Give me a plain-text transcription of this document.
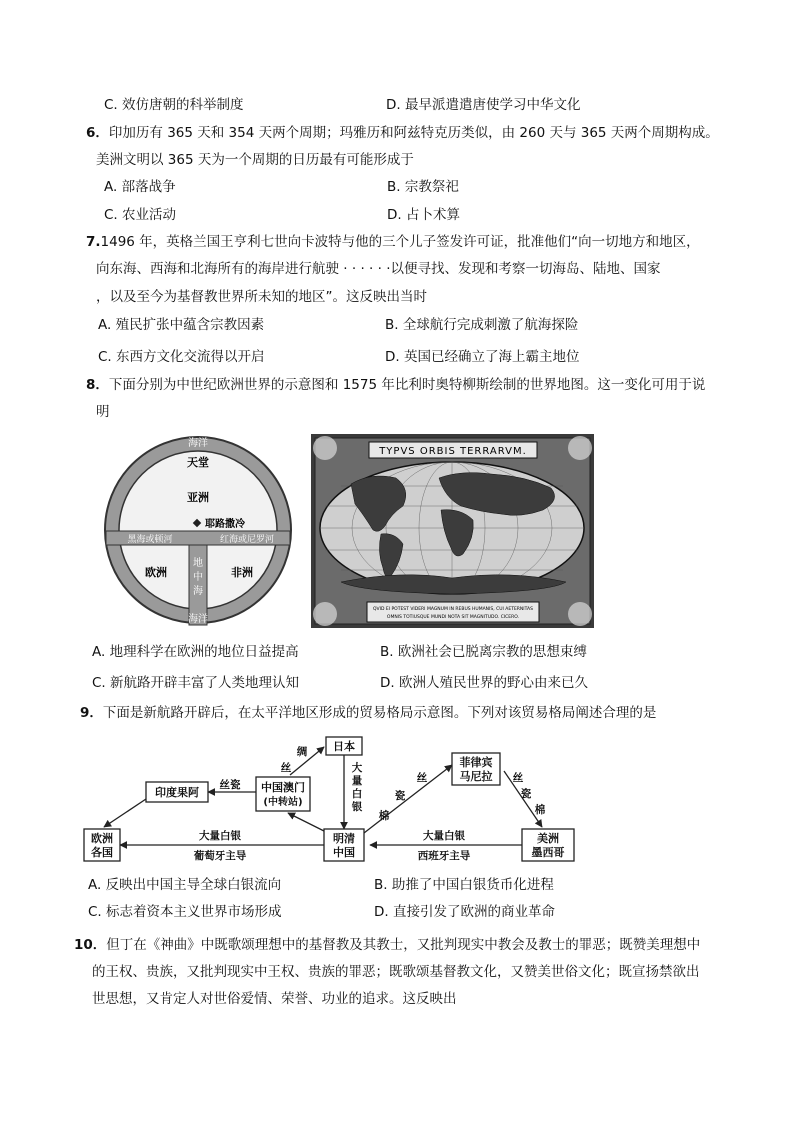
C. 效仿唐朝的科举制度	D. 最早派遣遣唐使学习中华文化
6．印加历有 365 天和 354 天两个周期；玛雅历和阿兹特克历类似，由 260 天与 365 天两个周期构成。
美洲文明以 365 天为一个周期的日历最有可能形成于
A. 部落战争	B. 宗教祭祀
C. 农业活动	D. 占卜术算
7.1496 年，英格兰国王亨利七世向卡波特与他的三个儿子签发许可证，批准他们“向一切地方和地区，
向东海、西海和北海所有的海岸进行航驶 · · · · · ·以便寻找、发现和考察一切海岛、陆地、国家
，以及至今为基督教世界所未知的地区”。这反映出当时
A. 殖民扩张中蕴含宗教因素	B. 全球航行完成刺激了航海探险
C. 东西方文化交流得以开启	D. 英国已经确立了海上霸主地位
8．下面分别为中世纪欧洲世界的示意图和 1575 年比利时奥特柳斯绘制的世界地图。这一变化可用于说
明
海洋
天堂
亚洲
耶路撒冷
黑海或顿河	红海或尼罗河
欧洲	非洲
地
中
海
海洋
TYPVS ORBIS TERRARVM.
QVID EI POTEST VIDERI MAGNUM IN REBUS HUMANIS, CUI AETERNITAS
OMNIS TOTIUSQUE MUNDI NOTA SIT MAGNITUDO. CICERO.
A. 地理科学在欧洲的地位日益提高	B. 欧洲社会已脱离宗教的思想束缚
C. 新航路开辟丰富了人类地理认知	D. 欧洲人殖民世界的野心由来已久
9．下面是新航路开辟后，在太平洋地区形成的贸易格局示意图。下列对该贸易格局阐述合理的是
日本
中国澳门
(中转站)
印度果阿
欧洲
各国
明清
中国
菲律宾
马尼拉
美洲
墨西哥
绸
丝
丝瓷
大
量
白
银
大量白银
葡萄牙主导
大量白银
西班牙主导
丝
瓷
棉
丝
瓷
棉
A. 反映出中国主导全球白银流向	B. 助推了中国白银货币化进程
C. 标志着资本主义世界市场形成	D. 直接引发了欧洲的商业革命
10．但丁在《神曲》中既歌颂理想中的基督教及其教士，又批判现实中教会及教士的罪恶；既赞美理想中
的王权、贵族，又批判现实中王权、贵族的罪恶；既歌颂基督教文化，又赞美世俗文化；既宣扬禁欲出
世思想，又肯定人对世俗爱情、荣誉、功业的追求。这反映出
